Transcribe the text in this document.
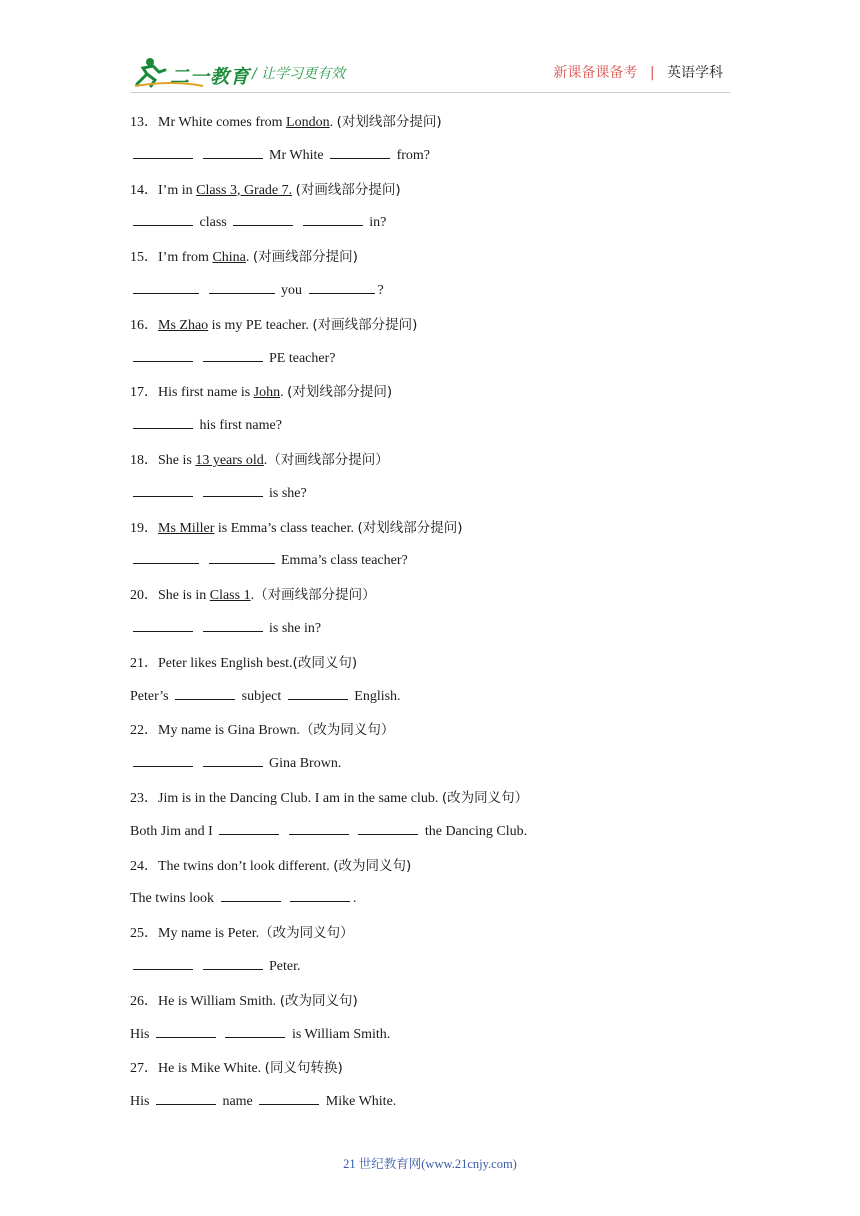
二一教育 / 让学习更有效	新课备课备考 | 英语学科
13．Mr White comes from London. (对划线部分提问)
Mr White	from?
14．I’m in Class 3, Grade 7. (对画线部分提问)
class	in?
15．I’m from China. (对画线部分提问)
you	?
16．Ms Zhao is my PE teacher. (对画线部分提问)
PE teacher?
17．His first name is John. (对划线部分提问)
his first name?
18．She is 13 years old.（对画线部分提问）
is she?
19．Ms Miller is Emma’s class teacher. (对划线部分提问)
Emma’s class teacher?
20．She is in Class 1.（对画线部分提问）
is she in?
21．Peter likes English best.(改同义句)
Peter’s	subject	English.
22．My name is Gina Brown.（改为同义句）
Gina Brown.
23．Jim is in the Dancing Club. I am in the same club. (改为同义句）
Both Jim and I	the Dancing Club.
24．The twins don’t look different. (改为同义句)
The twins look	.
25．My name is Peter.（改为同义句）
Peter.
26．He is William Smith. (改为同义句)
His	is William Smith.
27．He is Mike White. (同义句转换)
His	name	Mike White.
21 世纪教育网(www.21cnjy.com)
